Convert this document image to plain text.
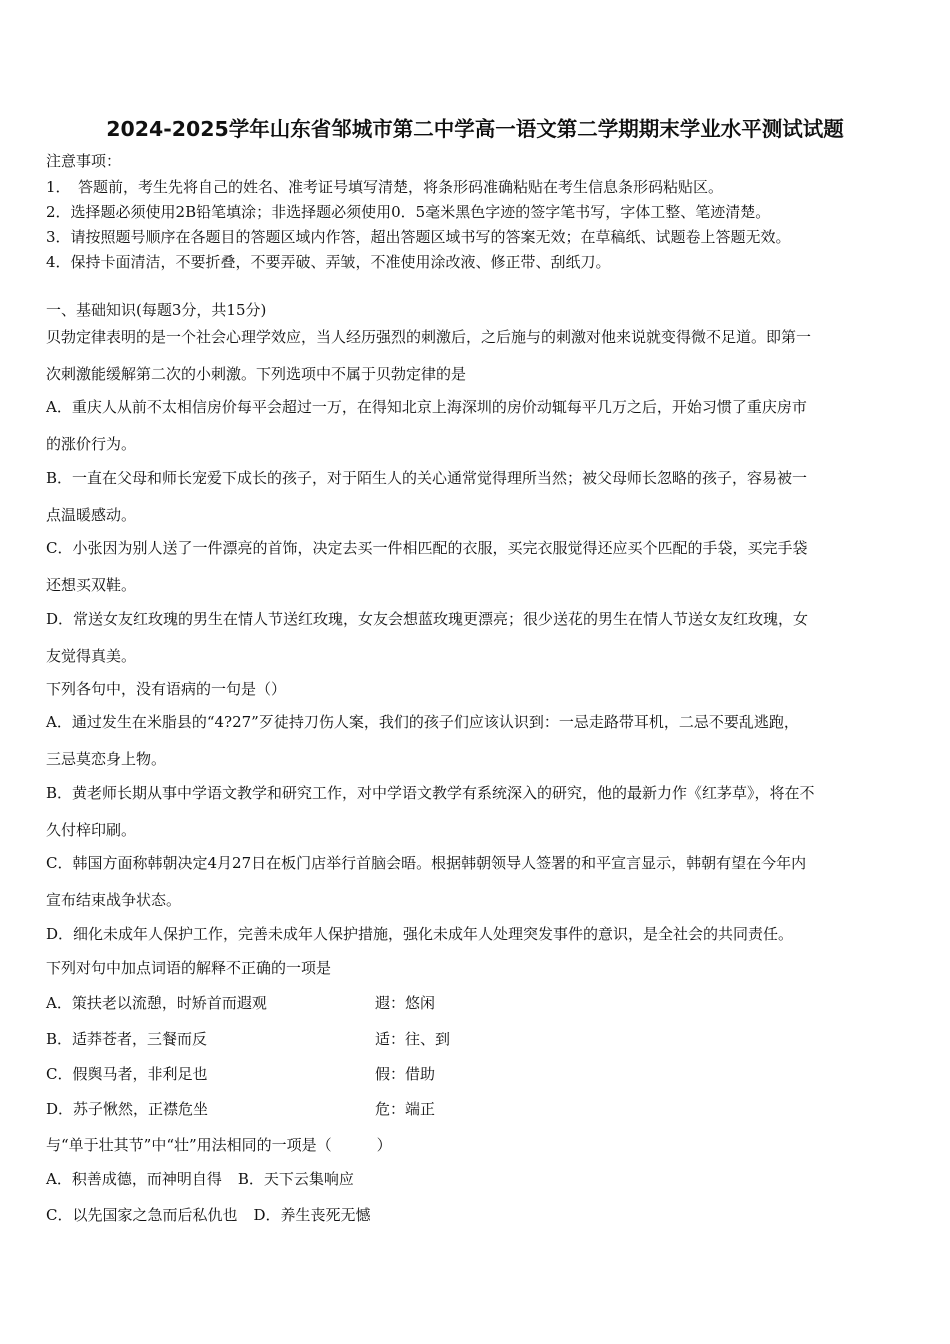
2024-2025学年山东省邹城市第二中学高一语文第二学期期末学业水平测试试题
注意事项：
1．　答题前，考生先将自己的姓名、准考证号填写清楚，将条形码准确粘贴在考生信息条形码粘贴区。
2．选择题必须使用2B铅笔填涂；非选择题必须使用0．5毫米黑色字迹的签字笔书写，字体工整、笔迹清楚。
3．请按照题号顺序在各题目的答题区域内作答，超出答题区域书写的答案无效；在草稿纸、试题卷上答题无效。
4．保持卡面清洁，不要折叠，不要弄破、弄皱，不准使用涂改液、修正带、刮纸刀。
一、基础知识(每题3分，共15分)
贝勃定律表明的是一个社会心理学效应，当人经历强烈的刺激后，之后施与的刺激对他来说就变得微不足道。即第一
次刺激能缓解第二次的小刺激。下列选项中不属于贝勃定律的是
A．重庆人从前不太相信房价每平会超过一万，在得知北京上海深圳的房价动辄每平几万之后，开始习惯了重庆房市
的涨价行为。
B．一直在父母和师长宠爱下成长的孩子，对于陌生人的关心通常觉得理所当然；被父母师长忽略的孩子，容易被一
点温暖感动。
C．小张因为别人送了一件漂亮的首饰，决定去买一件相匹配的衣服，买完衣服觉得还应买个匹配的手袋，买完手袋
还想买双鞋。
D．常送女友红玫瑰的男生在情人节送红玫瑰，女友会想蓝玫瑰更漂亮；很少送花的男生在情人节送女友红玫瑰，女
友觉得真美。
下列各句中，没有语病的一句是（）
A．通过发生在米脂县的“4?27”歹徒持刀伤人案，我们的孩子们应该认识到：一忌走路带耳机，二忌不要乱逃跑，
三忌莫恋身上物。
B．黄老师长期从事中学语文教学和研究工作，对中学语文教学有系统深入的研究，他的最新力作《红茅草》，将在不
久付梓印刷。
C．韩国方面称韩朝决定4月27日在板门店举行首脑会晤。根据韩朝领导人签署的和平宣言显示，韩朝有望在今年内
宣布结束战争状态。
D．细化未成年人保护工作，完善未成年人保护措施，强化未成年人处理突发事件的意识，是全社会的共同责任。
下列对句中加点词语的解释不正确的一项是
A．策扶老以流憩，时矫首而遐观	遐：悠闲
B．适莽苍者，三餐而反	适：往、到
C．假舆马者，非利足也	假：借助
D．苏子愀然，正襟危坐	危：端正
与“单于壮其节”中“壮”用法相同的一项是（　　　）
A．积善成德，而神明自得 B．天下云集响应
C．以先国家之急而后私仇也 D．养生丧死无憾
